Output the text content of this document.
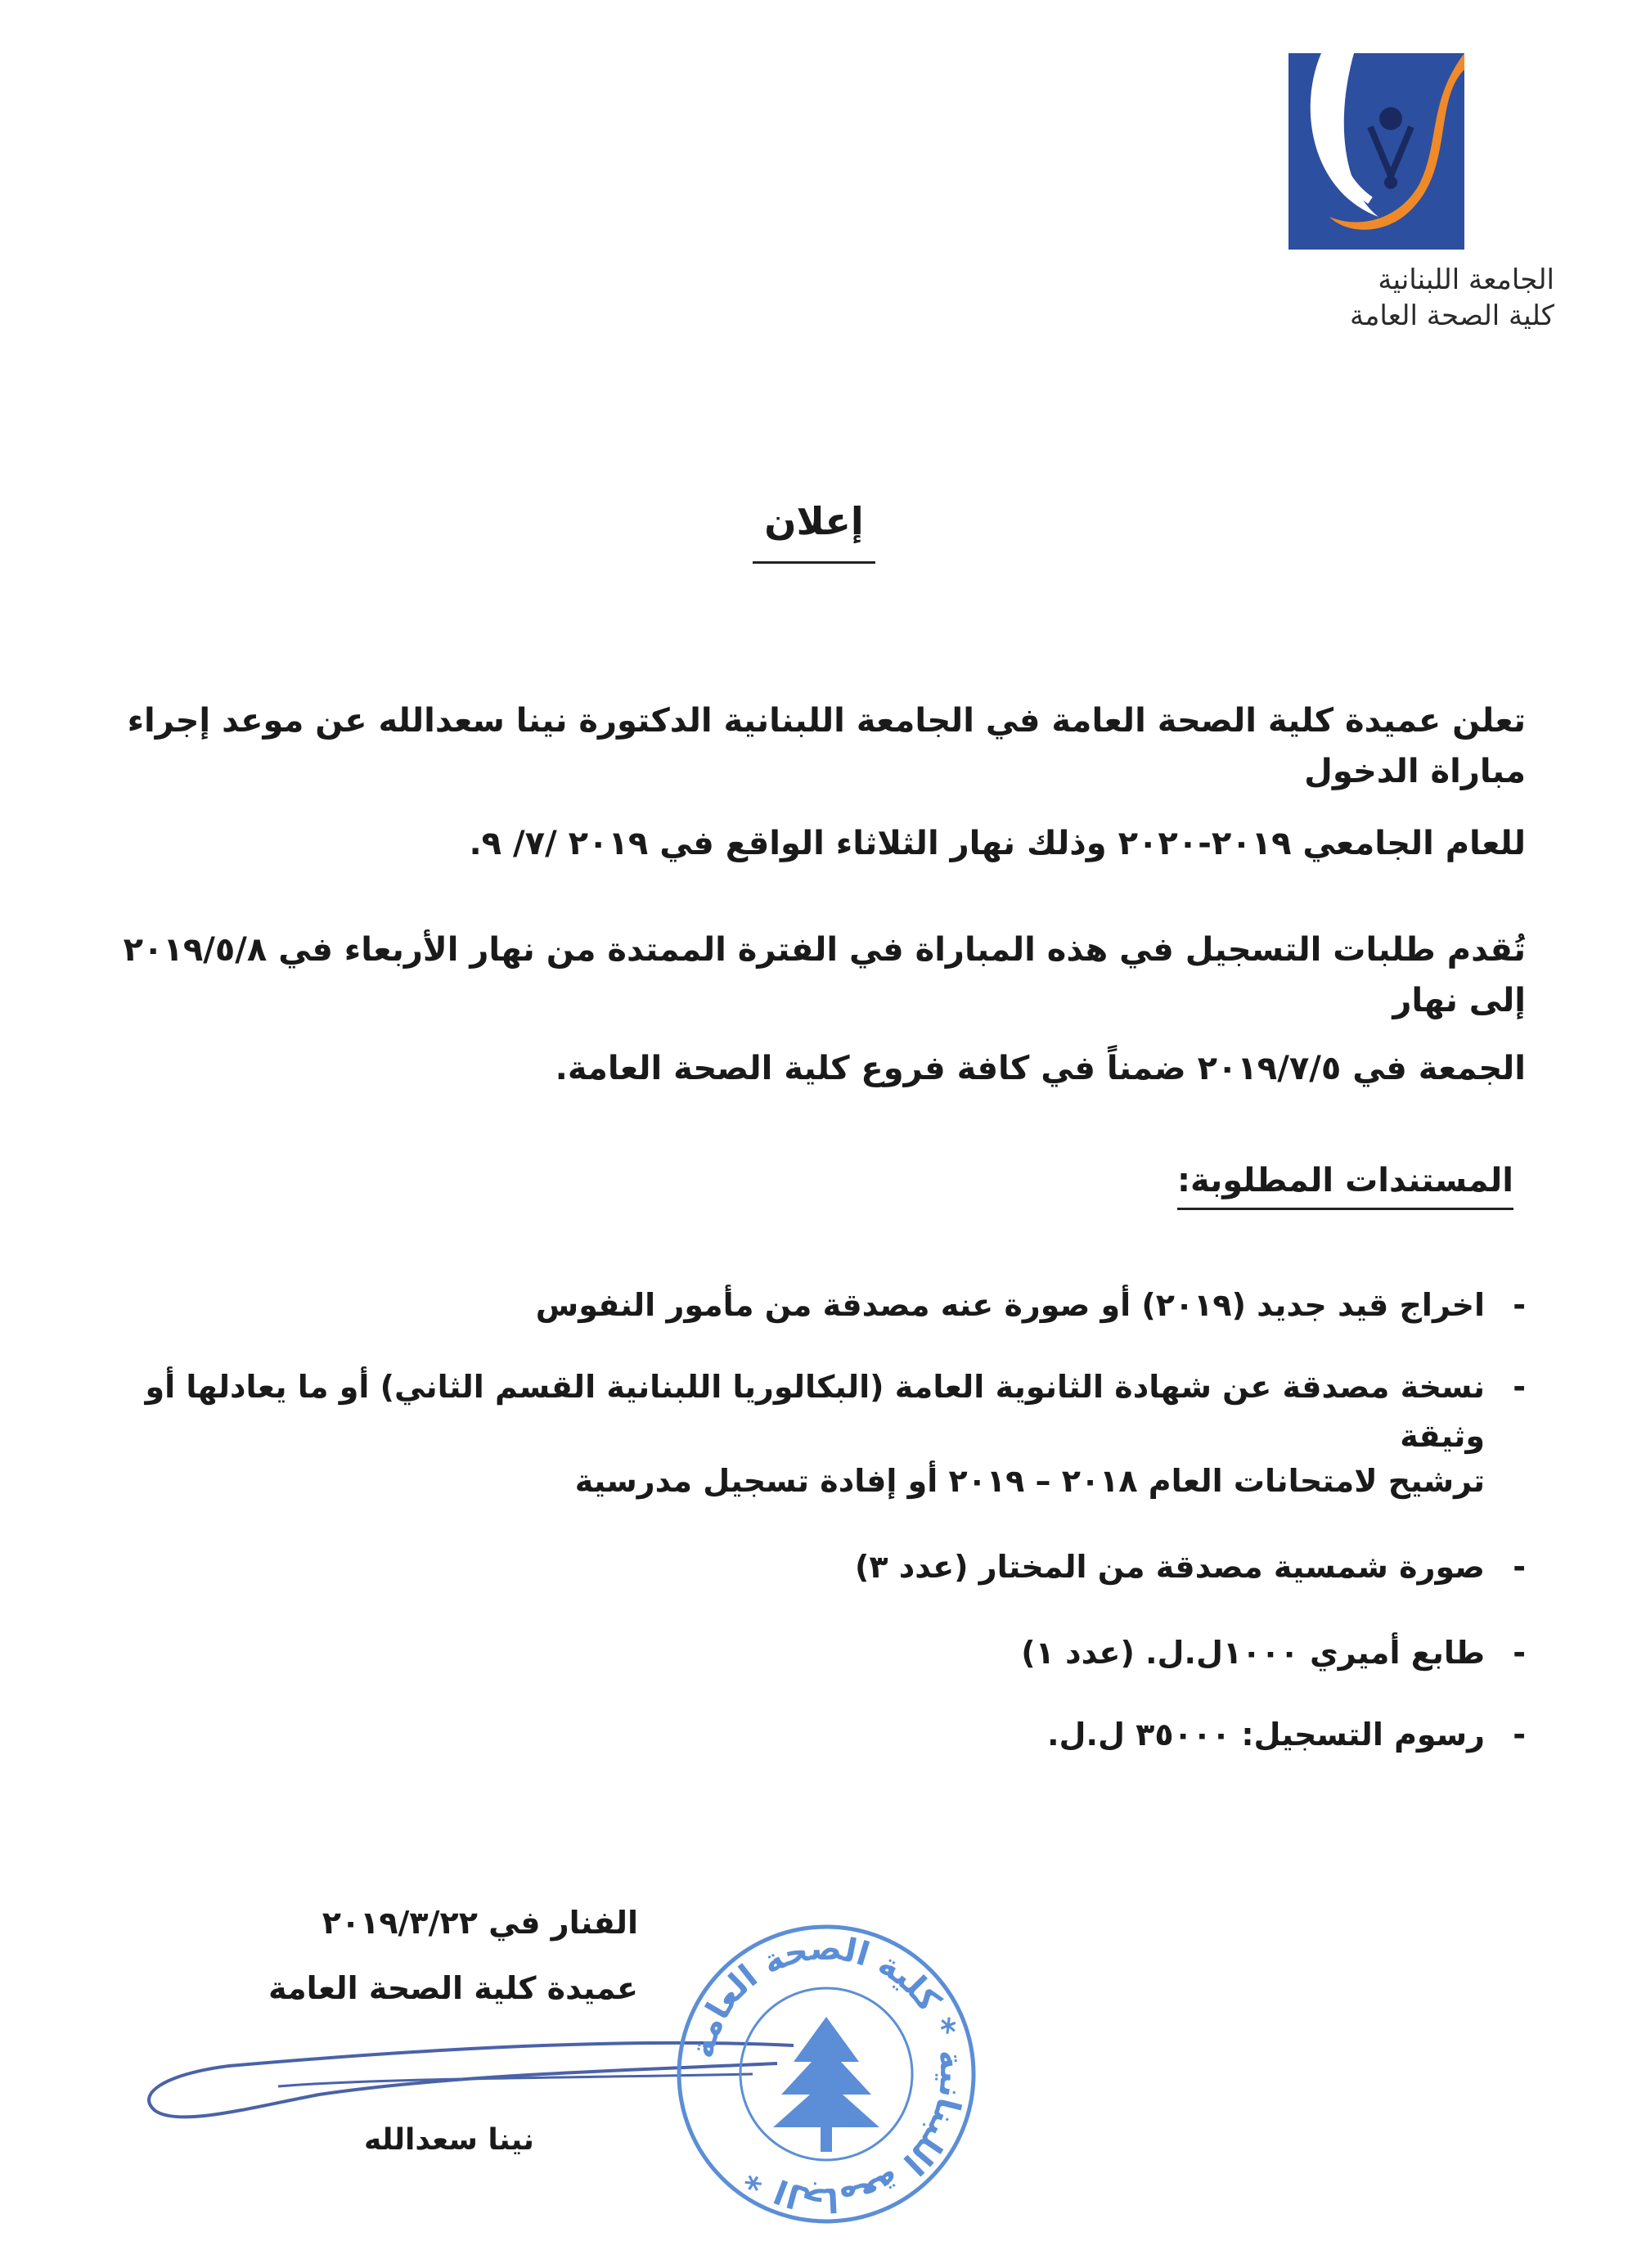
الجامعة اللبنانية
كلية الصحة العامة
إعلان
تعلن عميدة كلية الصحة العامة في الجامعة اللبنانية الدكتورة نينا سعدالله عن موعد إجراء مباراة الدخول
للعام الجامعي ٢٠١٩-٢٠٢٠ وذلك نهار الثلاثاء الواقع في ٢٠١٩ /٧/ ٩.
تُقدم طلبات التسجيل في هذه المباراة في الفترة الممتدة من نهار الأربعاء في ٢٠١٩/٥/٨ إلى نهار
الجمعة في ٢٠١٩/٧/٥ ضمناً في كافة فروع كلية الصحة العامة.
المستندات المطلوبة:
-
اخراج قيد جديد (٢٠١٩) أو صورة عنه مصدقة من مأمور النفوس
-
نسخة مصدقة عن شهادة الثانوية العامة (البكالوريا اللبنانية القسم الثاني) أو ما يعادلها أو وثيقة
ترشيح لامتحانات العام ٢٠١٨ – ٢٠١٩ أو إفادة تسجيل مدرسية
-
صورة شمسية مصدقة من المختار (عدد ٣)
-
طابع أميري ١٠٠٠ل.ل. (عدد ١)
-
رسوم التسجيل: ٣٥٠٠٠ ل.ل.
الفنار في ٢٠١٩/٣/٢٢
عميدة كلية الصحة العامة
الجامعة اللبنانية * كلية الصحة العامة *
نينا سعدالله
